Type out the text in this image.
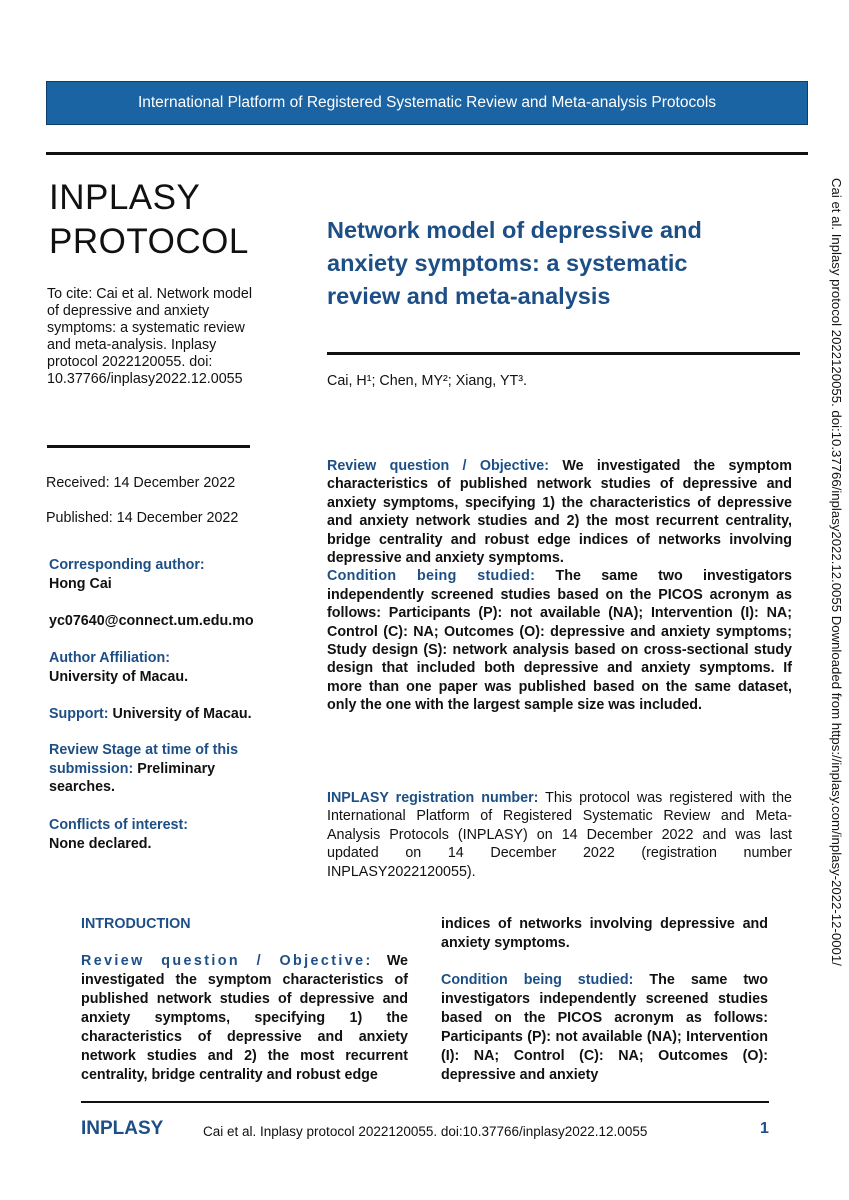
International Platform of Registered Systematic Review and Meta-analysis Protocols
INPLASY
PROTOCOL
To cite: Cai et al. Network model of depressive and anxiety symptoms: a systematic review and meta-analysis. Inplasy protocol 2022120055. doi: 10.37766/inplasy2022.12.0055
Network model of depressive and anxiety symptoms: a systematic review and meta-analysis
Cai, H¹; Chen, MY²; Xiang, YT³.
Received: 14 December 2022
Published: 14 December 2022
Corresponding author:
Hong Cai
yc07640@connect.um.edu.mo
Author Affiliation:
University of Macau.
Support: University of Macau.
Review Stage at time of this submission: Preliminary searches.
Conflicts of interest:
None declared.
Review question / Objective: We investigated the symptom characteristics of published network studies of depressive and anxiety symptoms, specifying 1) the characteristics of depressive and anxiety network studies and 2) the most recurrent centrality, bridge centrality and robust edge indices of networks involving depressive and anxiety symptoms.
Condition being studied: The same two investigators independently screened studies based on the PICOS acronym as follows: Participants (P): not available (NA); Intervention (I): NA; Control (C): NA; Outcomes (O): depressive and anxiety symptoms; Study design (S): network analysis based on cross-sectional study design that included both depressive and anxiety symptoms. If more than one paper was published based on the same dataset, only the one with the largest sample size was included.
INPLASY registration number: This protocol was registered with the International Platform of Registered Systematic Review and Meta-Analysis Protocols (INPLASY) on 14 December 2022 and was last updated on 14 December 2022 (registration number INPLASY2022120055).
INTRODUCTION
Review question / Objective: We investigated the symptom characteristics of published network studies of depressive and anxiety symptoms, specifying 1) the characteristics of depressive and anxiety network studies and 2) the most recurrent centrality, bridge centrality and robust edge
indices of networks involving depressive and anxiety symptoms.
Condition being studied: The same two investigators independently screened studies based on the PICOS acronym as follows: Participants (P): not available (NA); Intervention (I): NA; Control (C): NA; Outcomes (O): depressive and anxiety
Cai et al. Inplasy protocol 2022120055. doi:10.37766/inplasy2022.12.0055 Downloaded from https://inplasy.com/inplasy-2022-12-0001/
INPLASY	Cai et al. Inplasy protocol 2022120055. doi:10.37766/inplasy2022.12.0055	1
